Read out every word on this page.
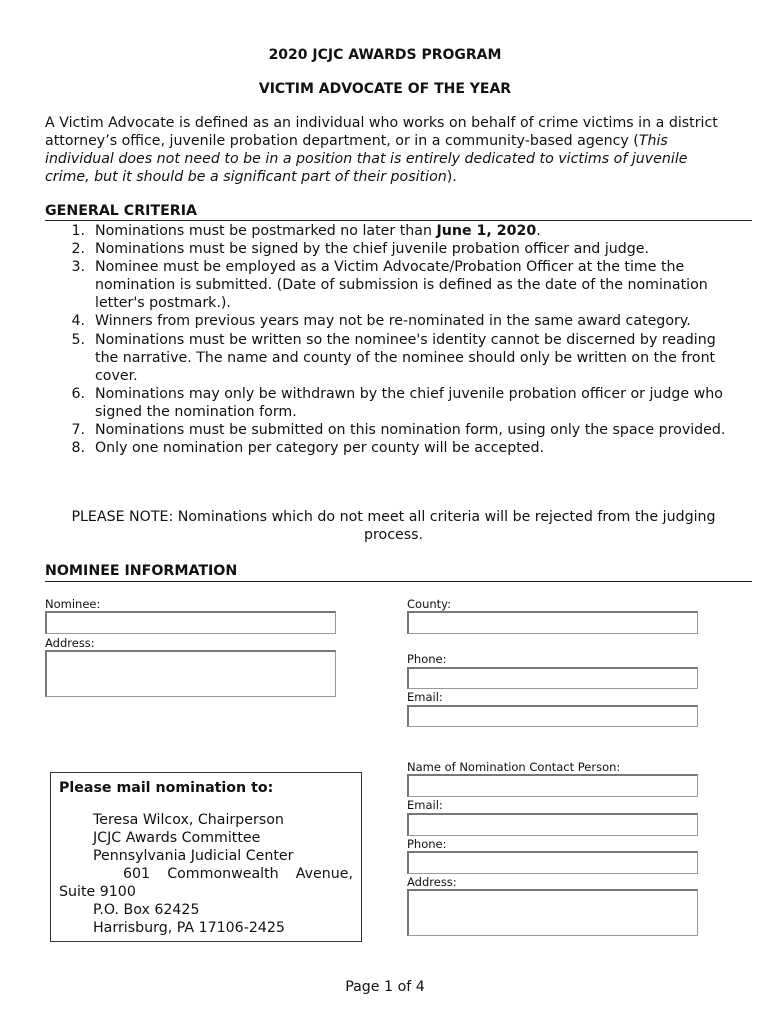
2020 JCJC AWARDS PROGRAM
VICTIM ADVOCATE OF THE YEAR
A Victim Advocate is defined as an individual who works on behalf of crime victims in a district attorney’s office, juvenile probation department, or in a community-based agency (This individual does not need to be in a position that is entirely dedicated to victims of juvenile crime, but it should be a significant part of their position).
GENERAL CRITERIA
1. Nominations must be postmarked no later than June 1, 2020.
2. Nominations must be signed by the chief juvenile probation officer and judge.
3. Nominee must be employed as a Victim Advocate/Probation Officer at the time the nomination is submitted. (Date of submission is defined as the date of the nomination letter's postmark.).
4. Winners from previous years may not be re-nominated in the same award category.
5. Nominations must be written so the nominee's identity cannot be discerned by reading the narrative. The name and county of the nominee should only be written on the front cover.
6. Nominations may only be withdrawn by the chief juvenile probation officer or judge who signed the nomination form.
7. Nominations must be submitted on this nomination form, using only the space provided.
8. Only one nomination per category per county will be accepted.
PLEASE NOTE: Nominations which do not meet all criteria will be rejected from the judging process.
NOMINEE INFORMATION
Nominee:
Address:
County:
Phone:
Email:
Name of Nomination Contact Person:
Email:
Phone:
Address:
Please mail nomination to:
Teresa Wilcox, Chairperson
JCJC Awards Committee
Pennsylvania Judicial Center
601 Commonwealth Avenue,
Suite 9100
P.O. Box 62425
Harrisburg, PA 17106-2425
Page 1 of 4
